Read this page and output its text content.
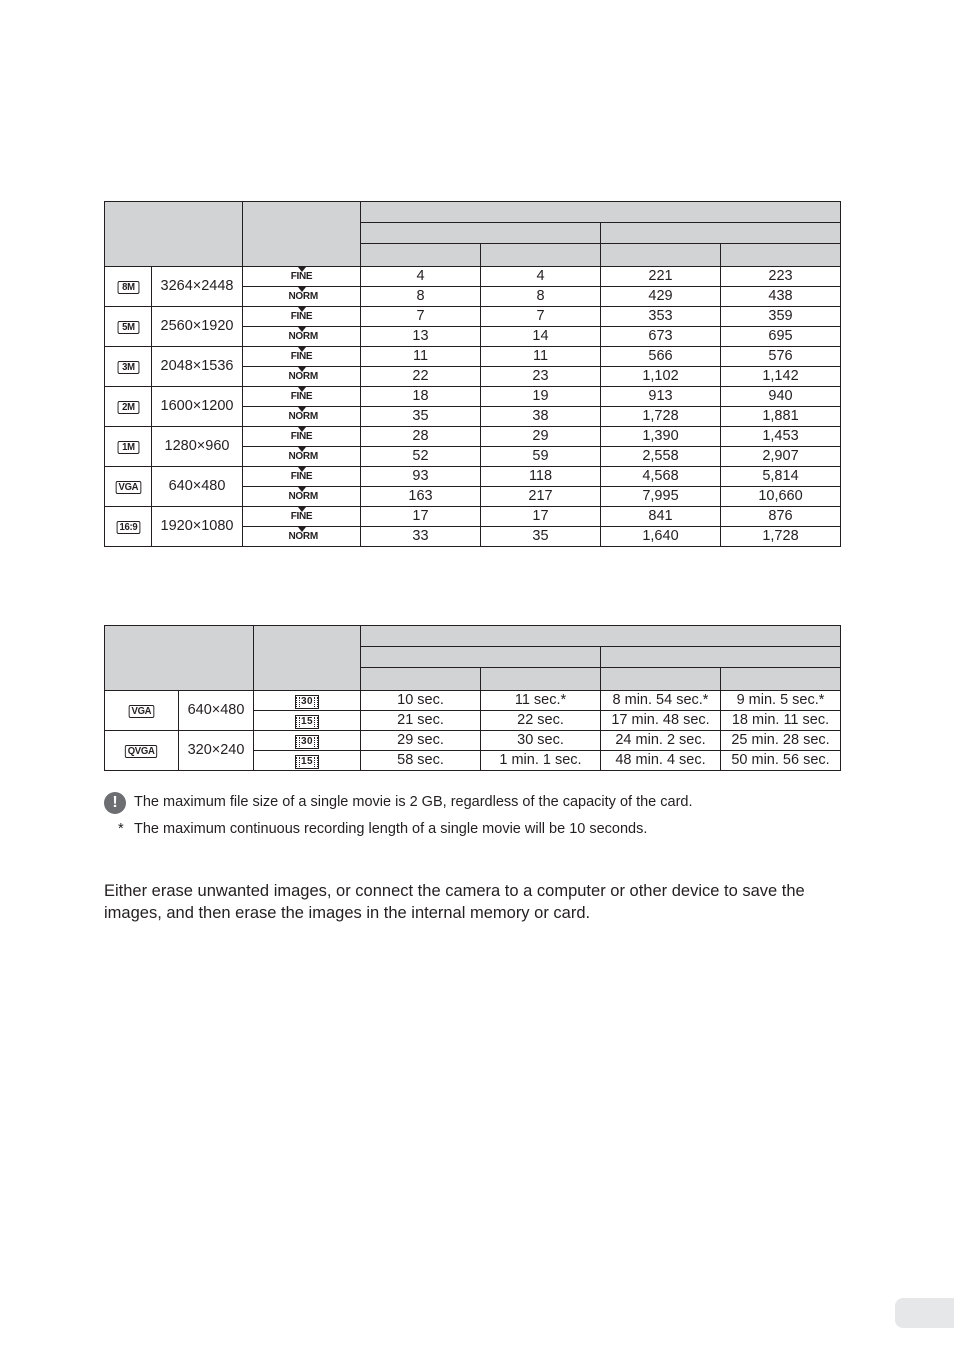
8M	3264×2448	FINE	4	4	221	223

		NORM	8	8	429	438
5M	2560×1920	FINE	7	7	353	359

		NORM	13	14	673	695
3M	2048×1536	FINE	11	11	566	576

		NORM	22	23	1,102	1,142
2M	1600×1200	FINE	18	19	913	940

		NORM	35	38	1,728	1,881
1M	1280×960	FINE	28	29	1,390	1,453

		NORM	52	59	2,558	2,907
VGA	640×480	FINE	93	118	4,568	5,814

		NORM	163	217	7,995	10,660
16:9	1920×1080	FINE	17	17	841	876

		NORM	33	35	1,640	1,728

VGA	640×480	30	10 sec.	11 sec.*	8 min. 54 sec.*	9 min. 5 sec.*
		15	21 sec.	22 sec.	17 min. 48 sec.	18 min. 11 sec.
QVGA	320×240	30	29 sec.	30 sec.	24 min. 2 sec.	25 min. 28 sec.
		15	58 sec.	1 min. 1 sec.	48 min. 4 sec.	50 min. 56 sec.
!	The maximum file size of a single movie is 2 GB, regardless of the capacity of the card.
* The maximum continuous recording length of a single movie will be 10 seconds.
Either erase unwanted images, or connect the camera to a computer or other device to save the images, and then erase the images in the internal memory or card.
